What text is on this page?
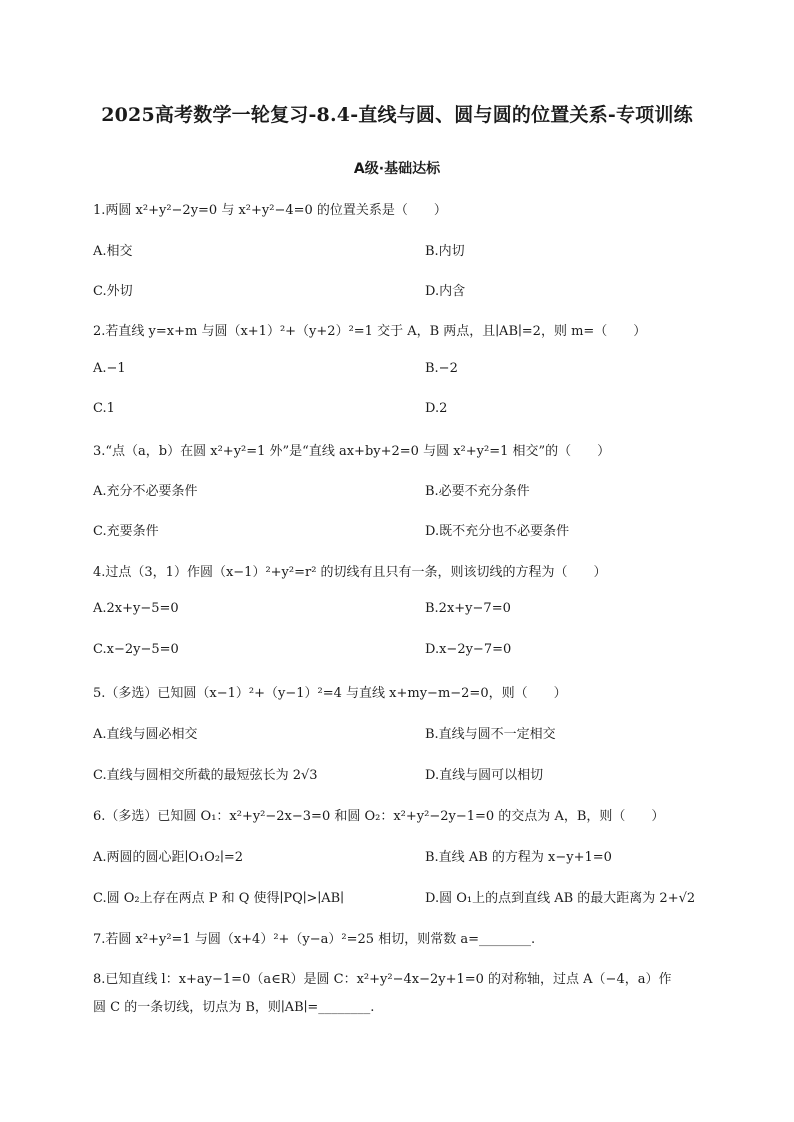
2025高考数学一轮复习-8.4-直线与圆、圆与圆的位置关系-专项训练
A级·基础达标
1.两圆 x²+y²−2y=0 与 x²+y²−4=0 的位置关系是（　　）
A.相交	B.内切
C.外切	D.内含
2.若直线 y=x+m 与圆（x+1）²+（y+2）²=1 交于 A，B 两点，且∣AB∣=2，则 m=（　　）
A.−1	B.−2
C.1	D.2
3.“点（a，b）在圆 x²+y²=1 外”是“直线 ax+by+2=0 与圆 x²+y²=1 相交”的（　　）
A.充分不必要条件	B.必要不充分条件
C.充要条件	D.既不充分也不必要条件
4.过点（3，1）作圆（x−1）²+y²=r² 的切线有且只有一条，则该切线的方程为（　　）
A.2x+y−5=0	B.2x+y−7=0
C.x−2y−5=0	D.x−2y−7=0
5.（多选）已知圆（x−1）²+（y−1）²=4 与直线 x+my−m−2=0，则（　　）
A.直线与圆必相交	B.直线与圆不一定相交
C.直线与圆相交所截的最短弦长为 2√3	D.直线与圆可以相切
6.（多选）已知圆 O₁：x²+y²−2x−3=0 和圆 O₂：x²+y²−2y−1=0 的交点为 A，B，则（　　）
A.两圆的圆心距∣O₁O₂∣=2	B.直线 AB 的方程为 x−y+1=0
C.圆 O₂上存在两点 P 和 Q 使得∣PQ∣>∣AB∣	D.圆 O₁上的点到直线 AB 的最大距离为 2+√2
7.若圆 x²+y²=1 与圆（x+4）²+（y−a）²=25 相切，则常数 a=________.
8.已知直线 l：x+ay−1=0（a∈R）是圆 C：x²+y²−4x−2y+1=0 的对称轴，过点 A（−4，a）作
圆 C 的一条切线，切点为 B，则∣AB∣=________.
